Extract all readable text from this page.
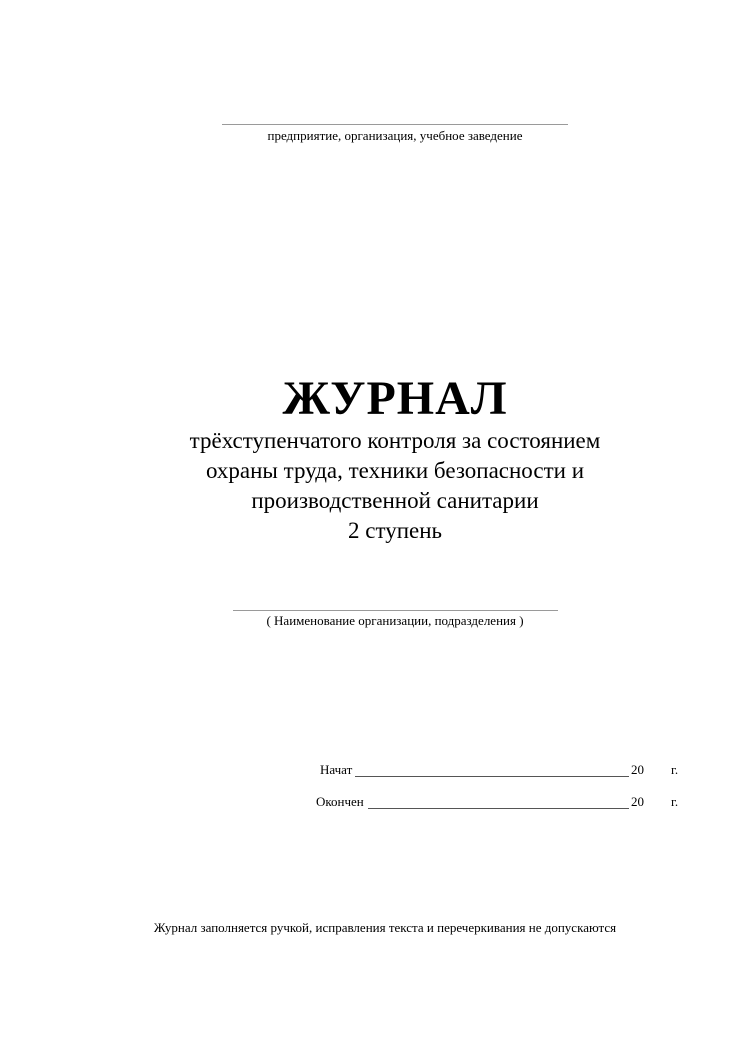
предприятие, организация, учебное заведение
ЖУРНАЛ
трёхступенчатого контроля за состоянием
охраны труда, техники безопасности и
производственной санитарии
2 ступень
( Наименование организации, подразделения )
Начат	20 г.
Окончен	20 г.
Журнал заполняется ручкой, исправления текста и перечеркивания не допускаются
